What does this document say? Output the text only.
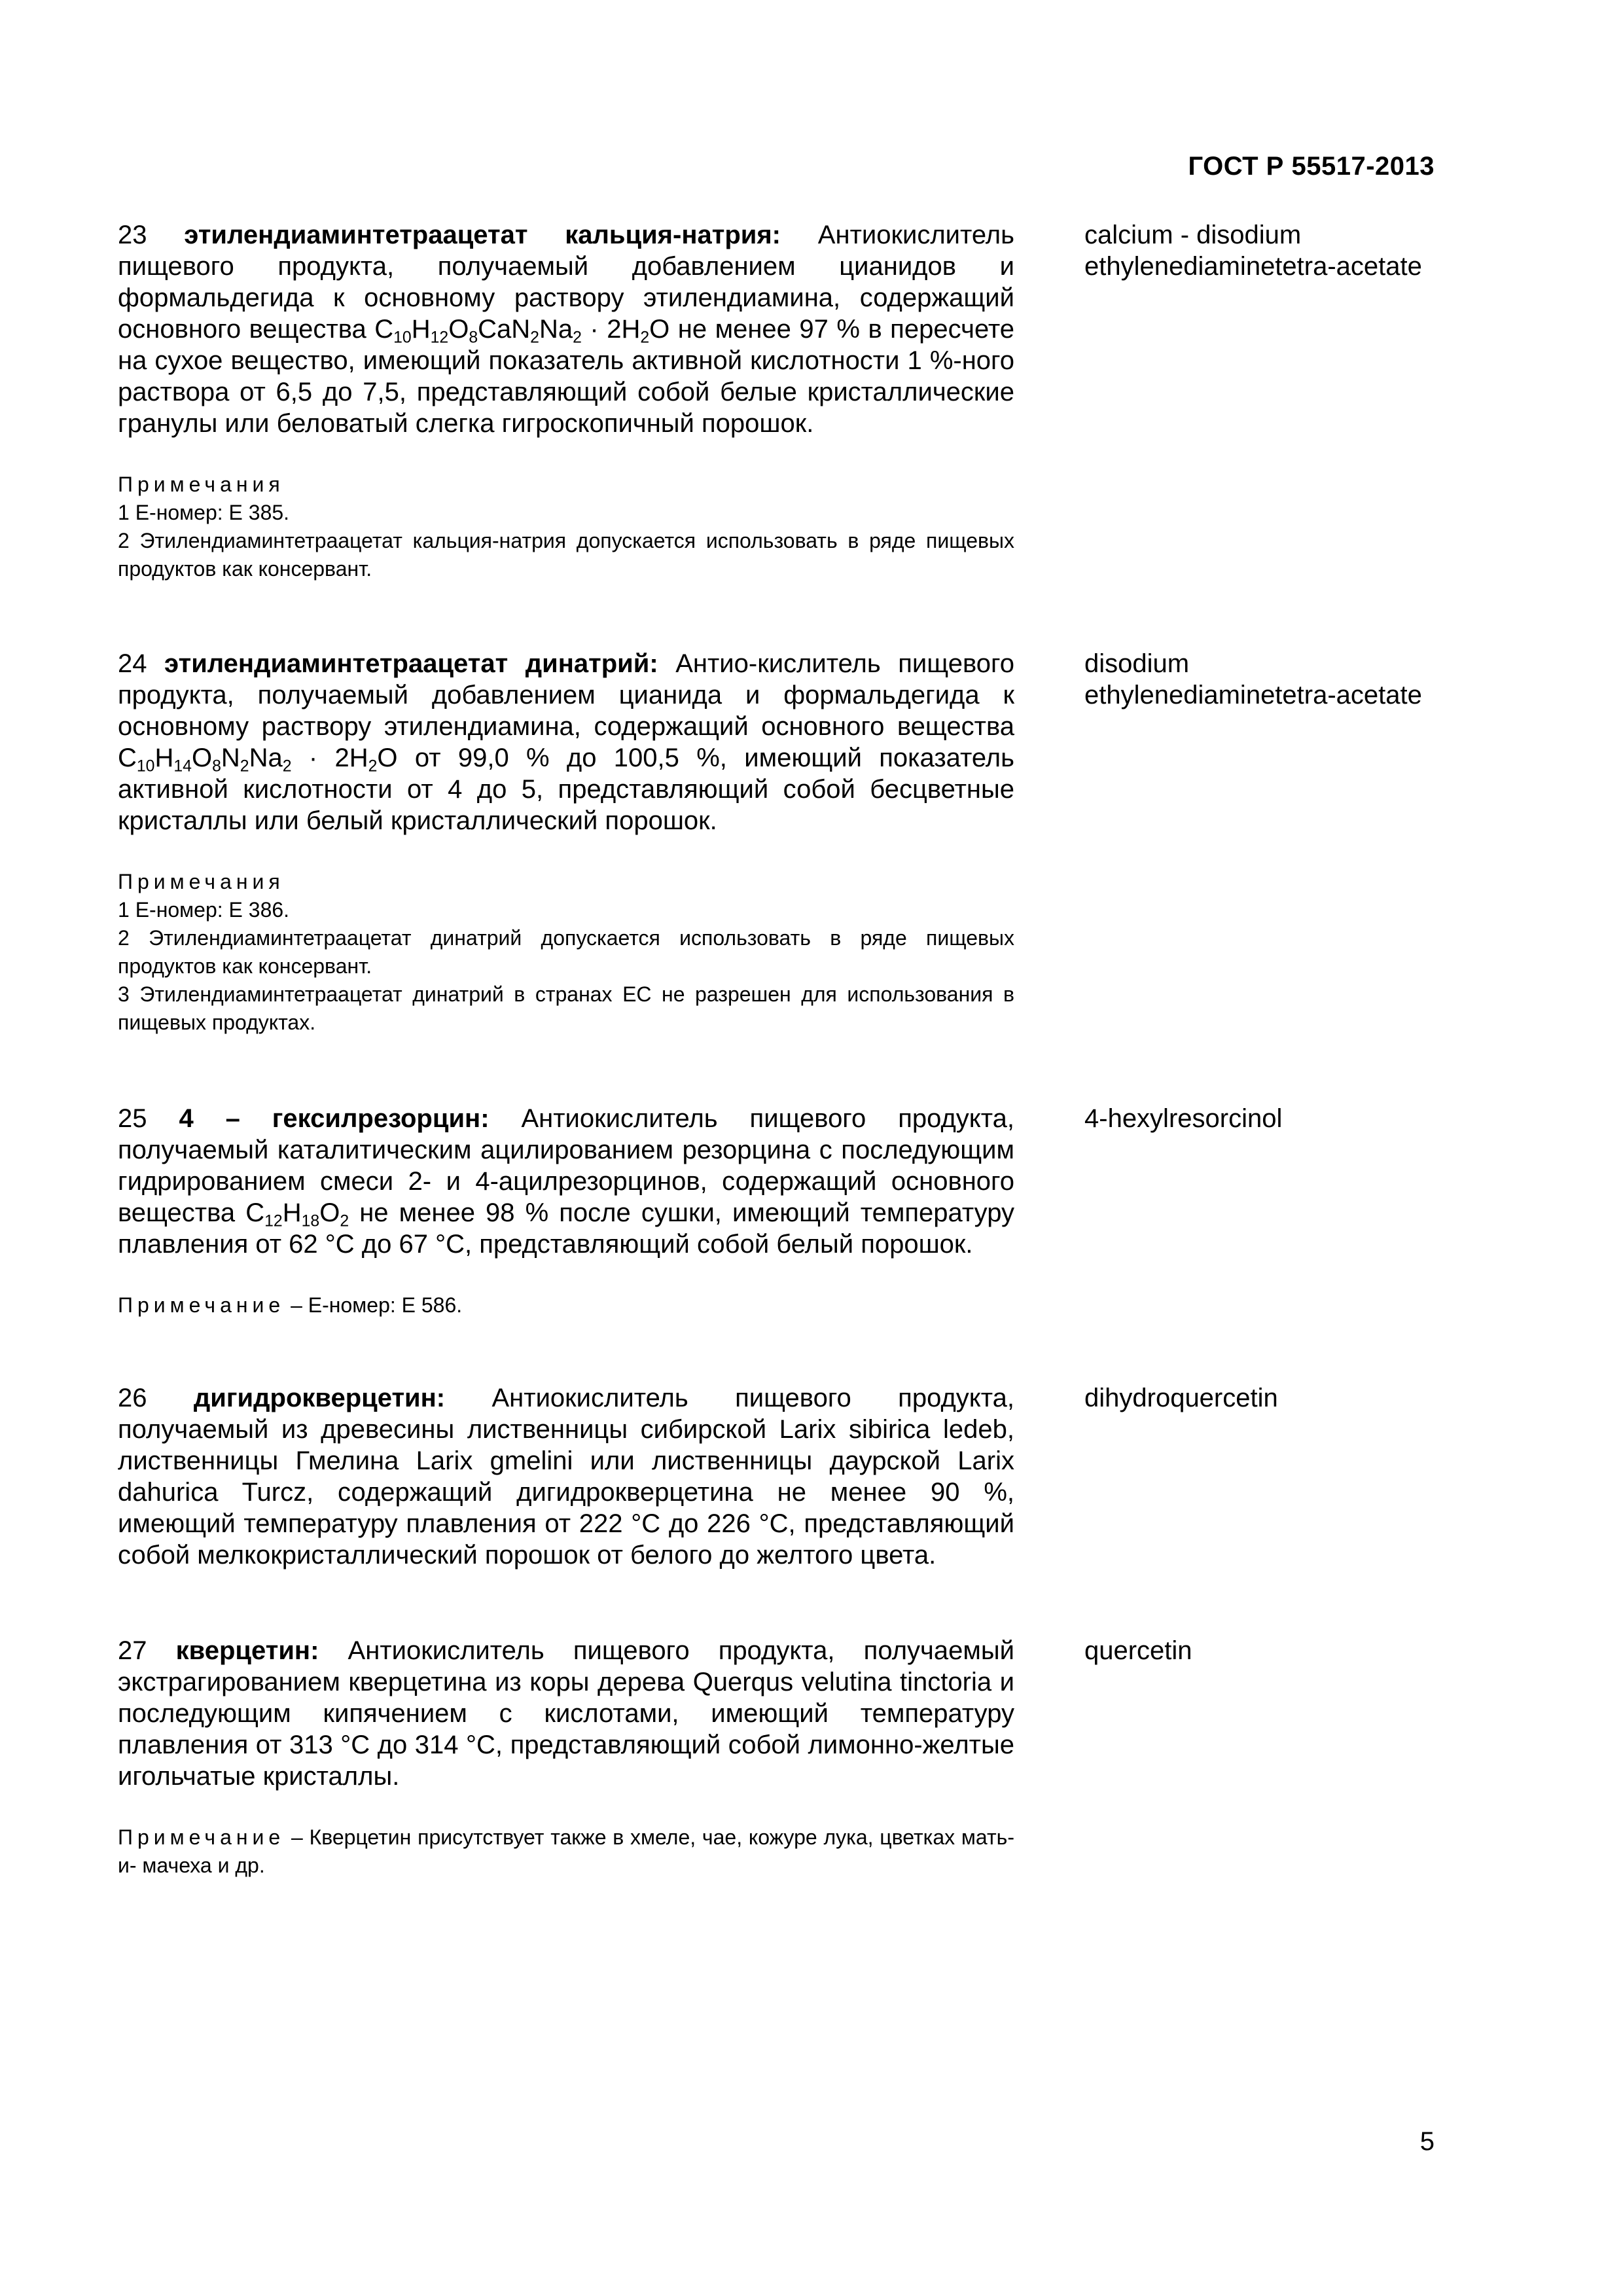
ГОСТ Р 55517-2013
23 этилендиаминтетраацетат кальция-натрия: Антиокислитель пищевого продукта, получаемый добавлением цианидов и формальдегида к основному раствору этилендиамина, содержащий основного вещества $C_{10}H_{12}O_8CaN_2Na_2 \cdot 2H_2O$ не менее 97 % в пересчете на сухое вещество, имеющий показатель активной кислотности 1 %-ного раствора от 6,5 до 7,5, представляющий собой белые кристаллические гранулы или беловатый слегка гигроскопичный порошок.

Примечания

1 Е-номер: Е 385.

2 Этилендиаминтетраацетат кальция-натрия допускается использовать в ряде пищевых продуктов как консервант.

calcium - disodium ethylenediaminetetra-acetate
24 этилендиаминтетраацетат динатрий: Антио-кислитель пищевого продукта, получаемый добавлением цианида и формальдегида к основному раствору этилендиамина, содержащий основного вещества $C_{10}H_{14}O_8N_2Na_2 \cdot 2H_2O$ от 99,0 % до 100,5 %, имеющий показатель активной кислотности от 4 до 5, представляющий собой бесцветные кристаллы или белый кристаллический порошок.

Примечания

1 Е-номер: Е 386.

2 Этилендиаминтетраацетат динатрий допускается использовать в ряде пищевых продуктов как консервант.

3 Этилендиаминтетраацетат динатрий в странах ЕС не разрешен для использования в пищевых продуктах.

disodium ethylenediaminetetra-acetate
25 4 – гексилрезорцин: Антиокислитель пищевого продукта, получаемый каталитическим ацилированием резорцина с последующим гидрированием смеси 2- и 4-ацилрезорцинов, содержащий основного вещества $C_{12}H_{18}O_2$ не менее 98 % после сушки, имеющий температуру плавления от 62 °С до 67 °С, представляющий собой белый порошок.
Примечание – Е-номер: Е 586.
4-hexylresorcinol
26 дигидрокверцетин: Антиокислитель пищевого продукта, получаемый из древесины лиственницы сибирской Larix sibirica ledeb, лиственницы Гмелина Larix gmelini или лиственницы даурской Larix dahurica Turcz, содержащий дигидрокверцетина не менее 90 %, имеющий температуру плавления от 222 °С до 226 °С, представляющий собой мелкокристаллический порошок от белого до желтого цвета.
dihydroquercetin
27 кверцетин: Антиокислитель пищевого продукта, получаемый экстрагированием кверцетина из коры дерева Querqus velutina tinctoria и последующим кипячением с кислотами, имеющий температуру плавления от 313 °С до 314 °С, представляющий собой лимонно-желтые игольчатые кристаллы.
Примечание – Кверцетин присутствует также в хмеле, чае, кожуре лука, цветках мать-и- мачеха и др.
quercetin
5
